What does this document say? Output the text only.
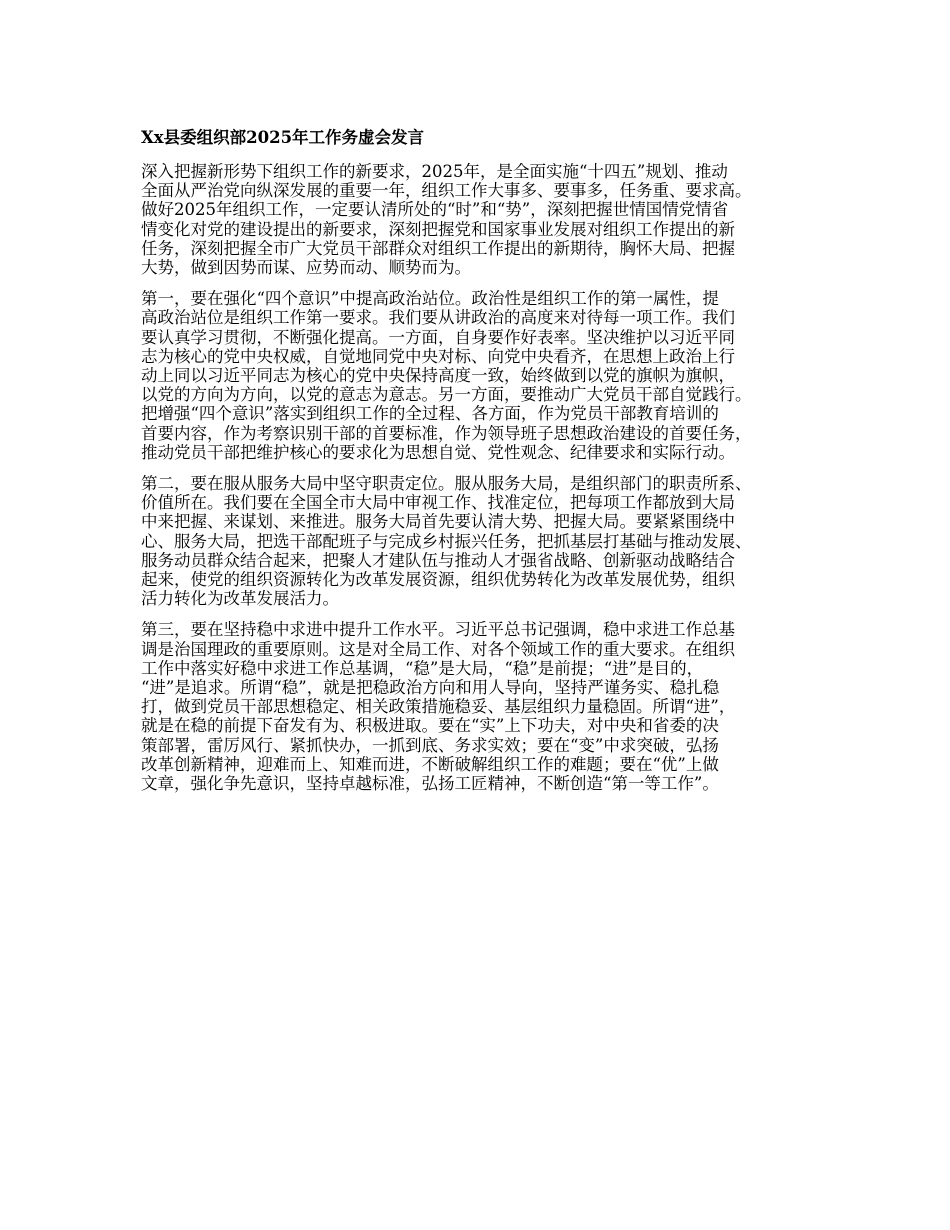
Xx县委组织部2025年工作务虚会发言
深入把握新形势下组织工作的新要求，2025年，是全面实施“十四五”规划、推动
全面从严治党向纵深发展的重要一年，组织工作大事多、要事多，任务重、要求高。
做好2025年组织工作，一定要认清所处的“时”和“势”，深刻把握世情国情党情省
情变化对党的建设提出的新要求，深刻把握党和国家事业发展对组织工作提出的新
任务，深刻把握全市广大党员干部群众对组织工作提出的新期待，胸怀大局、把握
大势，做到因势而谋、应势而动、顺势而为。
第一，要在强化“四个意识”中提高政治站位。政治性是组织工作的第一属性，提
高政治站位是组织工作第一要求。我们要从讲政治的高度来对待每一项工作。我们
要认真学习贯彻，不断强化提高。一方面，自身要作好表率。坚决维护以习近平同
志为核心的党中央权威，自觉地同党中央对标、向党中央看齐，在思想上政治上行
动上同以习近平同志为核心的党中央保持高度一致，始终做到以党的旗帜为旗帜，
以党的方向为方向，以党的意志为意志。另一方面，要推动广大党员干部自觉践行。
把增强“四个意识”落实到组织工作的全过程、各方面，作为党员干部教育培训的
首要内容，作为考察识别干部的首要标准，作为领导班子思想政治建设的首要任务，
推动党员干部把维护核心的要求化为思想自觉、党性观念、纪律要求和实际行动。
第二，要在服从服务大局中坚守职责定位。服从服务大局，是组织部门的职责所系、
价值所在。我们要在全国全市大局中审视工作、找准定位，把每项工作都放到大局
中来把握、来谋划、来推进。服务大局首先要认清大势、把握大局。要紧紧围绕中
心、服务大局，把选干部配班子与完成乡村振兴任务，把抓基层打基础与推动发展、
服务动员群众结合起来，把聚人才建队伍与推动人才强省战略、创新驱动战略结合
起来，使党的组织资源转化为改革发展资源，组织优势转化为改革发展优势，组织
活力转化为改革发展活力。
第三，要在坚持稳中求进中提升工作水平。习近平总书记强调，稳中求进工作总基
调是治国理政的重要原则。这是对全局工作、对各个领域工作的重大要求。在组织
工作中落实好稳中求进工作总基调，“稳”是大局，“稳”是前提；“进”是目的，
“进”是追求。所谓“稳”，就是把稳政治方向和用人导向，坚持严谨务实、稳扎稳
打，做到党员干部思想稳定、相关政策措施稳妥、基层组织力量稳固。所谓“进”，
就是在稳的前提下奋发有为、积极进取。要在“实”上下功夫，对中央和省委的决
策部署，雷厉风行、紧抓快办，一抓到底、务求实效；要在“变”中求突破，弘扬
改革创新精神，迎难而上、知难而进，不断破解组织工作的难题；要在“优”上做
文章，强化争先意识，坚持卓越标准，弘扬工匠精神，不断创造“第一等工作”。
